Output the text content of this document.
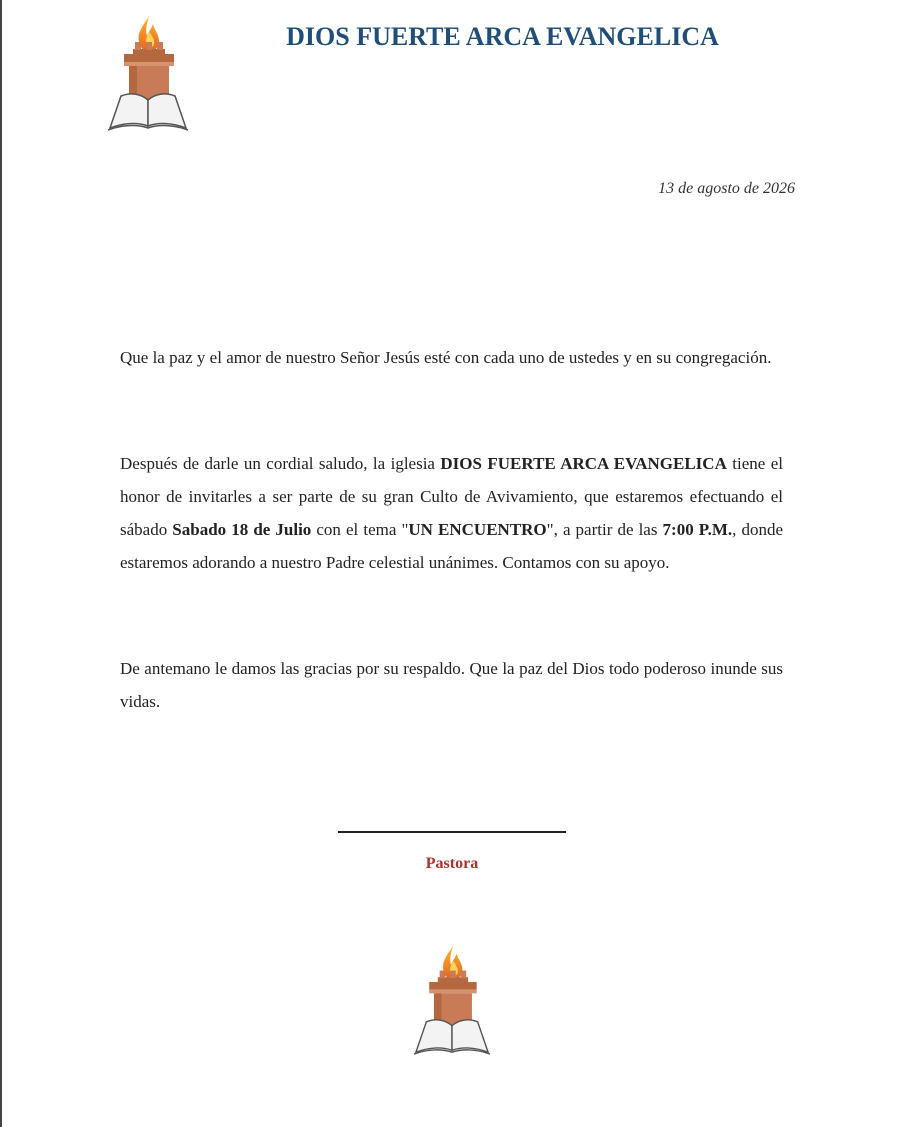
DIOS FUERTE ARCA EVANGELICA
13 de agosto de 2026

Que la paz y el amor de nuestro Señor Jesús esté con cada uno de ustedes y en su congregación.

Después de darle un cordial saludo, la iglesia DIOS FUERTE ARCA EVANGELICA tiene el honor de invitarles a ser parte de su gran Culto de Avivamiento, que estaremos efectuando el sábado Sabado 18 de Julio con el tema "UN ENCUENTRO", a partir de las 7:00 P.M., donde estaremos adorando a nuestro Padre celestial unánimes. Contamos con su apoyo.

De antemano le damos las gracias por su respaldo. Que la paz del Dios todo poderoso inunde sus vidas.

Pastora
